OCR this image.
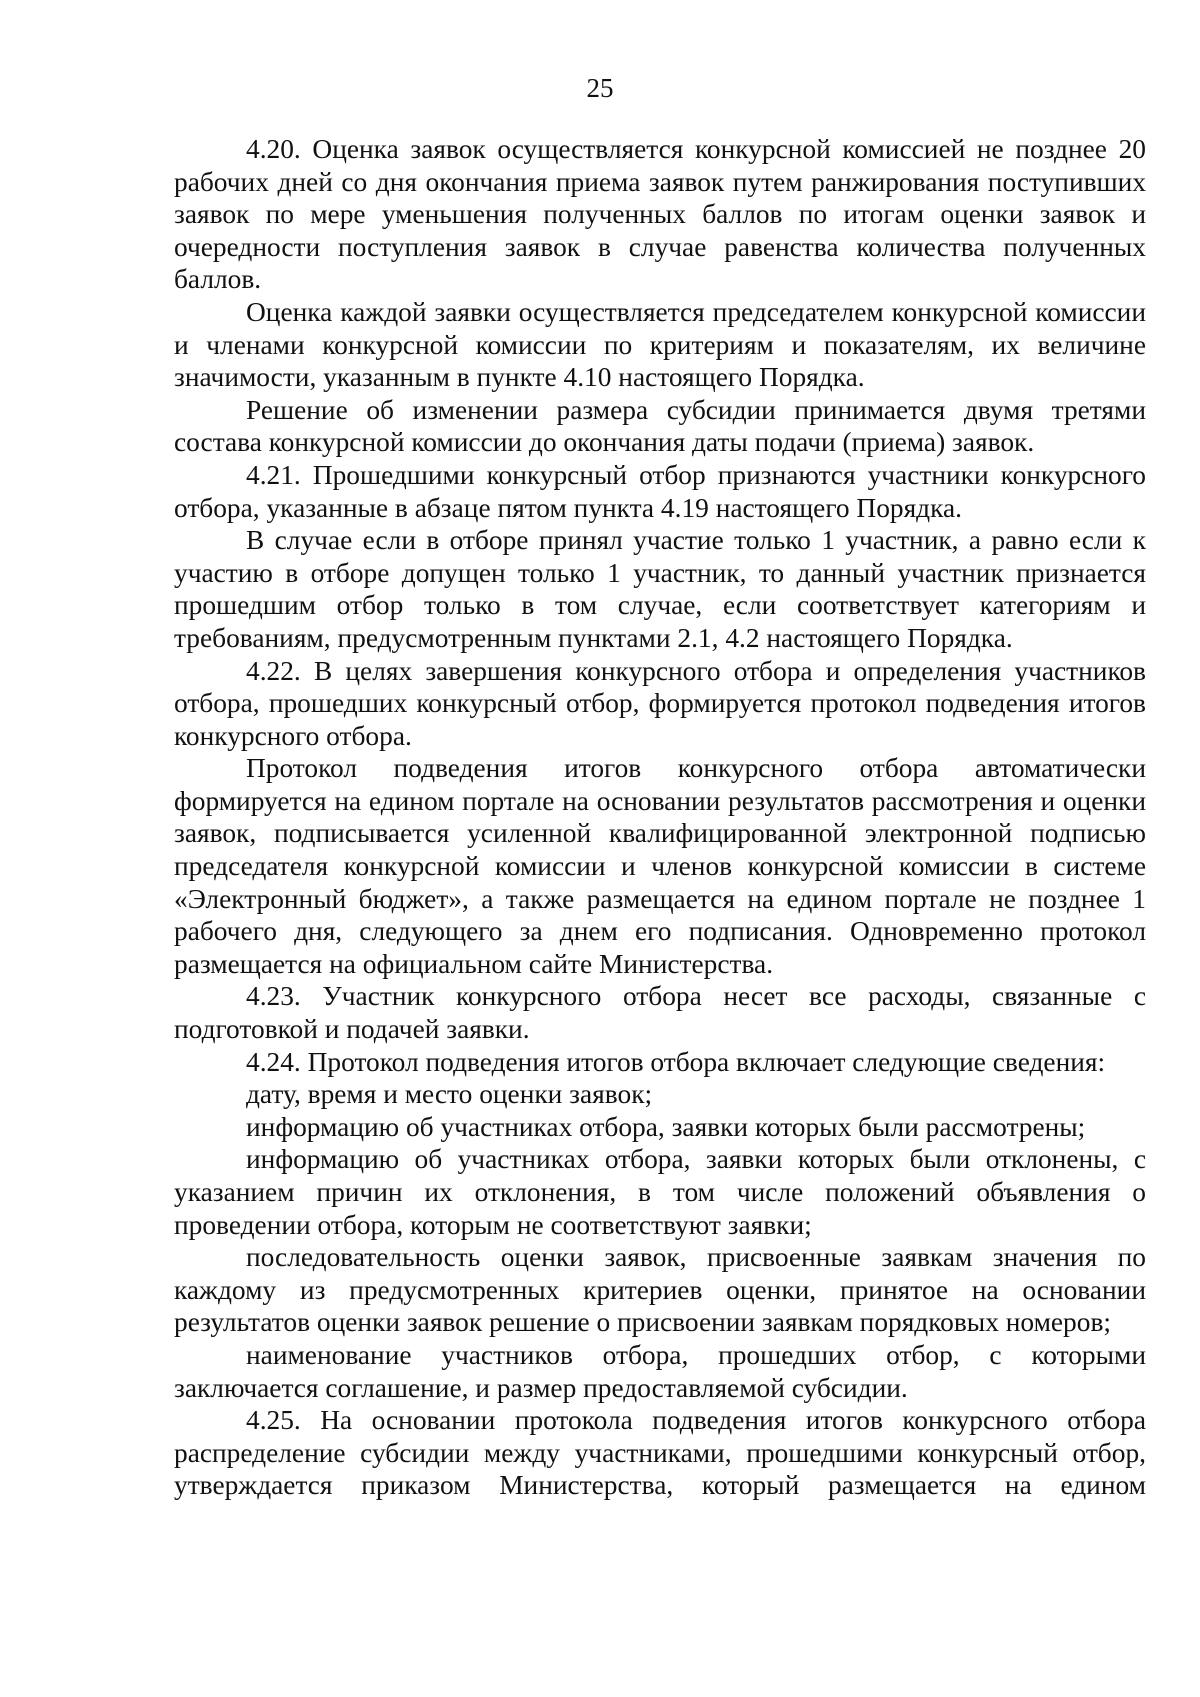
25

4.20. Оценка заявок осуществляется конкурсной комиссией не позднее 20 рабочих дней со дня окончания приема заявок путем ранжирования поступивших заявок по мере уменьшения полученных баллов по итогам оценки заявок и очередности поступления заявок в случае равенства количества полученных баллов.

Оценка каждой заявки осуществляется председателем конкурсной комиссии и членами конкурсной комиссии по критериям и показателям, их величине значимости, указанным в пункте 4.10 настоящего Порядка.

Решение об изменении размера субсидии принимается двумя третями состава конкурсной комиссии до окончания даты подачи (приема) заявок.

4.21. Прошедшими конкурсный отбор признаются участники конкурсного отбора, указанные в абзаце пятом пункта 4.19 настоящего Порядка.

В случае если в отборе принял участие только 1 участник, а равно если к участию в отборе допущен только 1 участник, то данный участник признается прошедшим отбор только в том случае, если соответствует категориям и требованиям, предусмотренным пунктами 2.1, 4.2 настоящего Порядка.

4.22. В целях завершения конкурсного отбора и определения участников отбора, прошедших конкурсный отбор, формируется протокол подведения итогов конкурсного отбора.

Протокол подведения итогов конкурсного отбора автоматически формируется на едином портале на основании результатов рассмотрения и оценки заявок, подписывается усиленной квалифицированной электронной подписью председателя конкурсной комиссии и членов конкурсной комиссии в системе «Электронный бюджет», а также размещается на едином портале не позднее 1 рабочего дня, следующего за днем его подписания. Одновременно протокол размещается на официальном сайте Министерства.

4.23. Участник конкурсного отбора несет все расходы, связанные с подготовкой и подачей заявки.

4.24. Протокол подведения итогов отбора включает следующие сведения:

дату, время и место оценки заявок;

информацию об участниках отбора, заявки которых были рассмотрены;

информацию об участниках отбора, заявки которых были отклонены, с указанием причин их отклонения, в том числе положений объявления о проведении отбора, которым не соответствуют заявки;

последовательность оценки заявок, присвоенные заявкам значения по каждому из предусмотренных критериев оценки, принятое на основании результатов оценки заявок решение о присвоении заявкам порядковых номеров;

наименование участников отбора, прошедших отбор, с которыми заключается соглашение, и размер предоставляемой субсидии.

4.25. На основании протокола подведения итогов конкурсного отбора распределение субсидии между участниками, прошедшими конкурсный отбор, утверждается приказом Министерства, который размещается на едином
